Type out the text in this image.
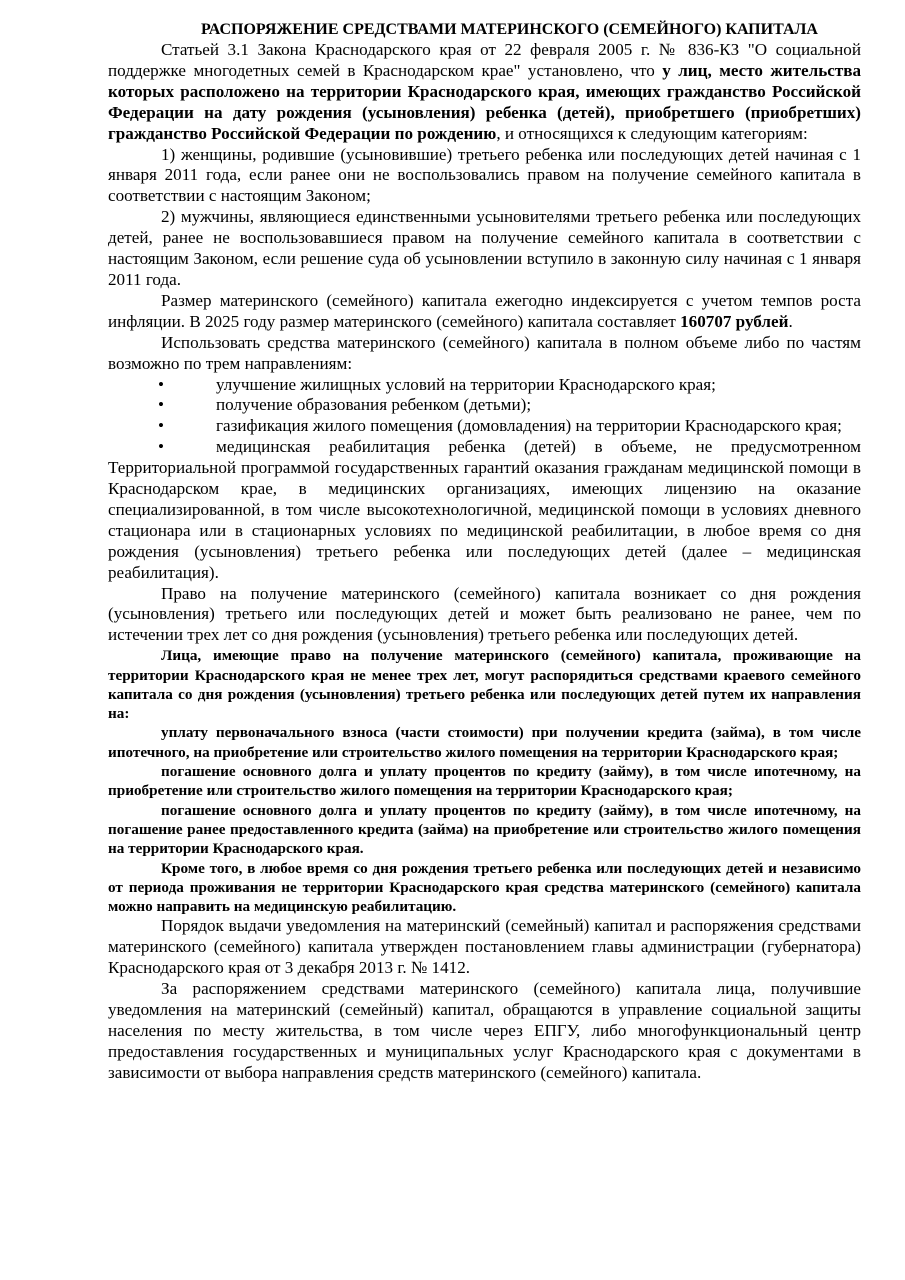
РАСПОРЯЖЕНИЕ СРЕДСТВАМИ МАТЕРИНСКОГО (СЕМЕЙНОГО) КАПИТАЛА

Статьей 3.1 Закона Краснодарского края от 22 февраля 2005 г. № 836-КЗ "О социальной поддержке многодетных семей в Краснодарском крае" установлено, что у лиц, место жительства которых расположено на территории Краснодарского края, имеющих гражданство Российской Федерации на дату рождения (усыновления) ребенка (детей), приобретшего (приобретших) гражданство Российской Федерации по рождению, и относящихся к следующим категориям:

1) женщины, родившие (усыновившие) третьего ребенка или последующих детей начиная с 1 января 2011 года, если ранее они не воспользовались правом на получение семейного капитала в соответствии с настоящим Законом;

2) мужчины, являющиеся единственными усыновителями третьего ребенка или последующих детей, ранее не воспользовавшиеся правом на получение семейного капитала в соответствии с настоящим Законом, если решение суда об усыновлении вступило в законную силу начиная с 1 января 2011 года.

Размер материнского (семейного) капитала ежегодно индексируется с учетом темпов роста инфляции. В 2025 году размер материнского (семейного) капитала составляет 160707 рублей.

Использовать средства материнского (семейного) капитала в полном объеме либо по частям возможно по трем направлениям:

•	улучшение жилищных условий на территории Краснодарского края;

•	получение образования ребенком (детьми);

•	газификация жилого помещения (домовладения) на территории Краснодарского края;

•	медицинская реабилитация ребенка (детей) в объеме, не предусмотренном Территориальной программой государственных гарантий оказания гражданам медицинской помощи в Краснодарском крае, в медицинских организациях, имеющих лицензию на оказание специализированной, в том числе высокотехнологичной, медицинской помощи в условиях дневного стационара или в стационарных условиях по медицинской реабилитации, в любое время со дня рождения (усыновления) третьего ребенка или последующих детей (далее – медицинская реабилитация).

Право на получение материнского (семейного) капитала возникает со дня рождения (усыновления) третьего или последующих детей и может быть реализовано не ранее, чем по истечении трех лет со дня рождения (усыновления) третьего ребенка или последующих детей.

Лица, имеющие право на получение материнского (семейного) капитала, проживающие на территории Краснодарского края не менее трех лет, могут распорядиться средствами краевого семейного капитала со дня рождения (усыновления) третьего ребенка или последующих детей путем их направления на:

уплату первоначального взноса (части стоимости) при получении кредита (займа), в том числе ипотечного, на приобретение или строительство жилого помещения на территории Краснодарского края;

погашение основного долга и уплату процентов по кредиту (займу), в том числе ипотечному, на приобретение или строительство жилого помещения на территории Краснодарского края;

погашение основного долга и уплату процентов по кредиту (займу), в том числе ипотечному, на погашение ранее предоставленного кредита (займа) на приобретение или строительство жилого помещения на территории Краснодарского края.

Кроме того, в любое время со дня рождения третьего ребенка или последующих детей и независимо от периода проживания не территории Краснодарского края средства материнского (семейного) капитала можно направить на медицинскую реабилитацию.

Порядок выдачи уведомления на материнский (семейный) капитал и распоряжения средствами материнского (семейного) капитала утвержден постановлением главы администрации (губернатора) Краснодарского края от 3 декабря 2013 г. № 1412.

За распоряжением средствами материнского (семейного) капитала лица, получившие уведомления на материнский (семейный) капитал, обращаются в управление социальной защиты населения по месту жительства, в том числе через ЕПГУ, либо многофункциональный центр предоставления государственных и муниципальных услуг Краснодарского края с документами в зависимости от выбора направления средств материнского (семейного) капитала.
